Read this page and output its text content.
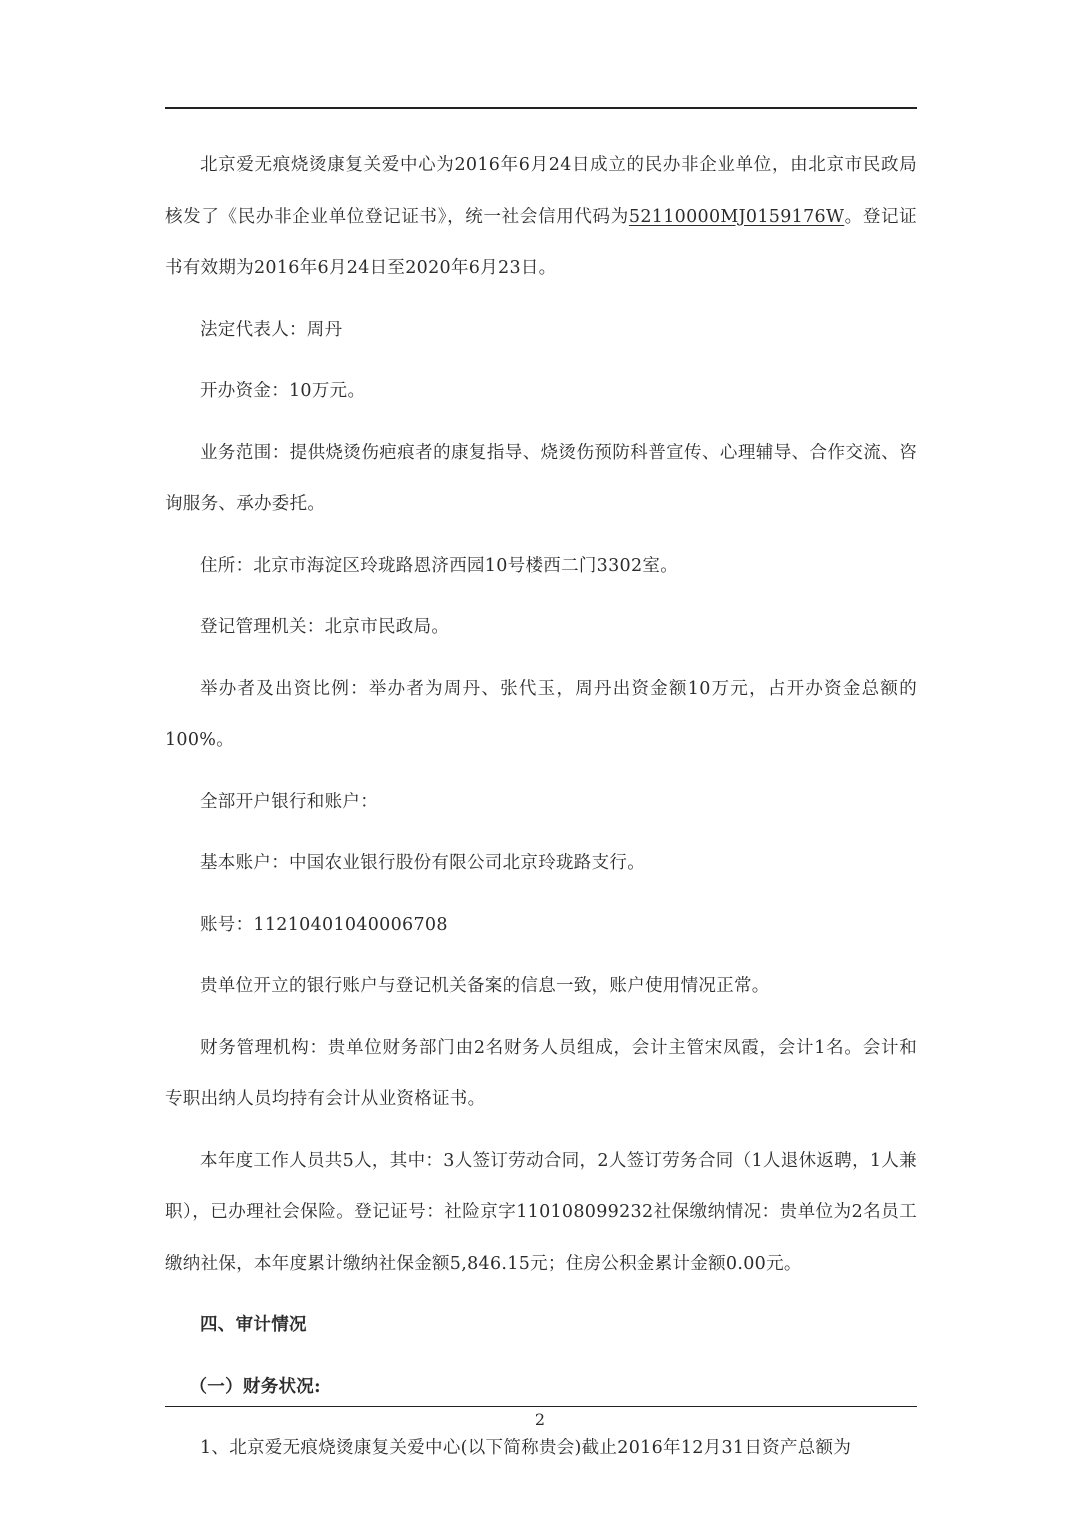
北京爱无痕烧烫康复关爱中心为2016年6月24日成立的民办非企业单位，由北京市民政局核发了《民办非企业单位登记证书》，统一社会信用代码为52110000MJ0159176W。登记证书有效期为2016年6月24日至2020年6月23日。

法定代表人：周丹

开办资金：10万元。

业务范围：提供烧烫伤疤痕者的康复指导、烧烫伤预防科普宣传、心理辅导、合作交流、咨询服务、承办委托。

住所：北京市海淀区玲珑路恩济西园10号楼西二门3302室。

登记管理机关：北京市民政局。

举办者及出资比例：举办者为周丹、张代玉，周丹出资金额10万元，占开办资金总额的100%。

全部开户银行和账户：

基本账户：中国农业银行股份有限公司北京玲珑路支行。

账号：11210401040006708

贵单位开立的银行账户与登记机关备案的信息一致，账户使用情况正常。

财务管理机构：贵单位财务部门由2名财务人员组成，会计主管宋凤霞，会计1名。会计和专职出纳人员均持有会计从业资格证书。

本年度工作人员共5人，其中：3人签订劳动合同，2人签订劳务合同（1人退休返聘，1人兼职），已办理社会保险。登记证号：社险京字110108099232社保缴纳情况：贵单位为2名员工缴纳社保，本年度累计缴纳社保金额5,846.15元；住房公积金累计金额0.00元。

四、审计情况

（一）财务状况:

1、北京爱无痕烧烫康复关爱中心(以下简称贵会)截止2016年12月31日资产总额为

2
